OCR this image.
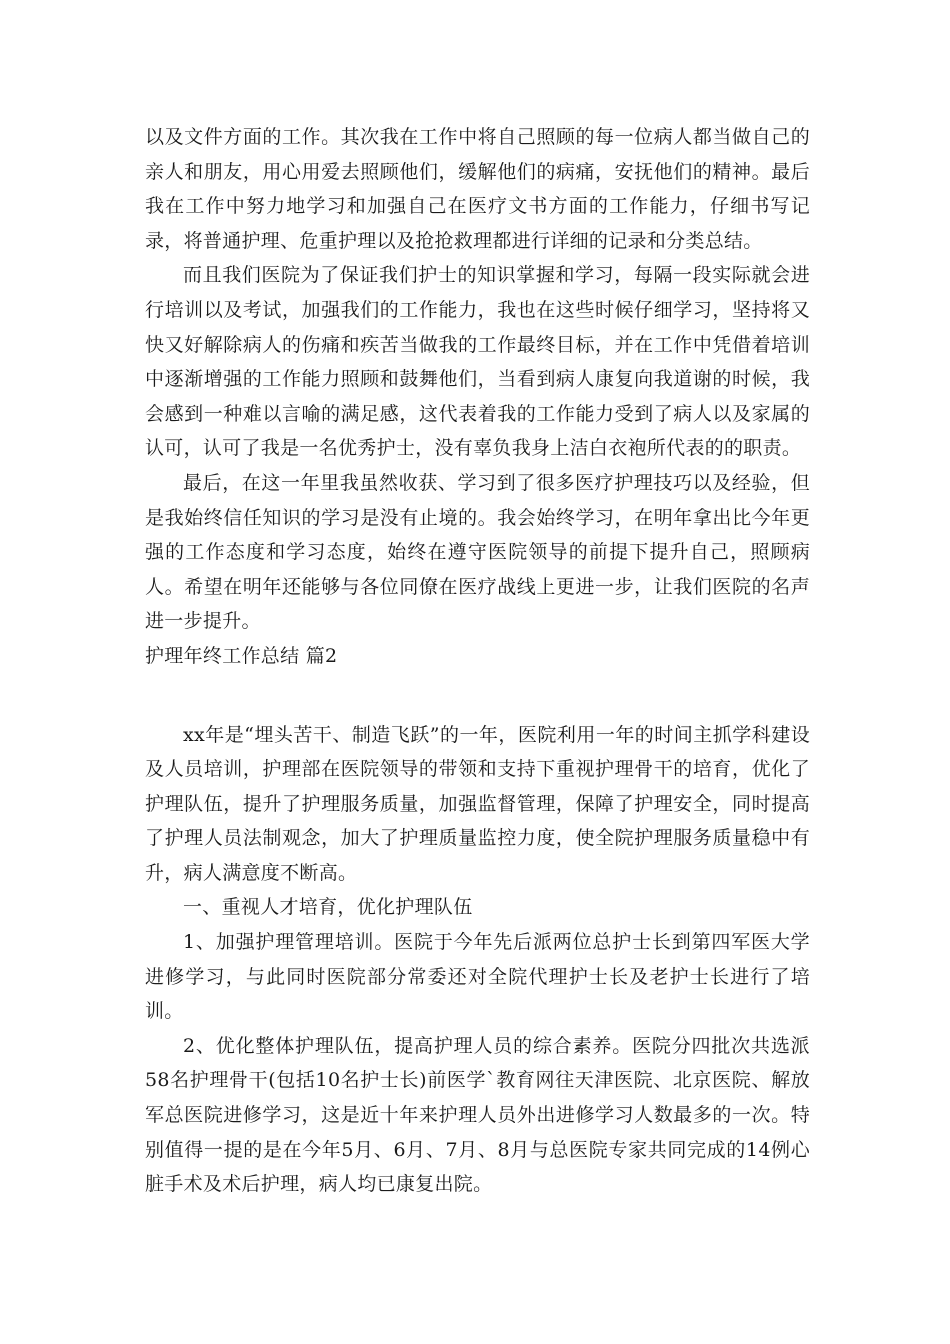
以及文件方面的工作。其次我在工作中将自己照顾的每一位病人都当做自己的亲人和朋友，用心用爱去照顾他们，缓解他们的病痛，安抚他们的精神。最后我在工作中努力地学习和加强自己在医疗文书方面的工作能力，仔细书写记录，将普通护理、危重护理以及抢抢救理都进行详细的记录和分类总结。

而且我们医院为了保证我们护士的知识掌握和学习，每隔一段实际就会进行培训以及考试，加强我们的工作能力，我也在这些时候仔细学习，坚持将又快又好解除病人的伤痛和疾苦当做我的工作最终目标，并在工作中凭借着培训中逐渐增强的工作能力照顾和鼓舞他们，当看到病人康复向我道谢的时候，我会感到一种难以言喻的满足感，这代表着我的工作能力受到了病人以及家属的认可，认可了我是一名优秀护士，没有辜负我身上洁白衣袍所代表的的职责。

最后，在这一年里我虽然收获、学习到了很多医疗护理技巧以及经验，但是我始终信任知识的学习是没有止境的。我会始终学习，在明年拿出比今年更强的工作态度和学习态度，始终在遵守医院领导的前提下提升自己，照顾病人。希望在明年还能够与各位同僚在医疗战线上更进一步，让我们医院的名声进一步提升。

护理年终工作总结 篇2

xx年是“埋头苦干、制造飞跃”的一年，医院利用一年的时间主抓学科建设及人员培训，护理部在医院领导的带领和支持下重视护理骨干的培育，优化了护理队伍，提升了护理服务质量，加强监督管理，保障了护理安全，同时提高了护理人员法制观念，加大了护理质量监控力度，使全院护理服务质量稳中有升，病人满意度不断高。

一、重视人才培育，优化护理队伍

1、加强护理管理培训。医院于今年先后派两位总护士长到第四军医大学进修学习，与此同时医院部分常委还对全院代理护士长及老护士长进行了培训。

2、优化整体护理队伍，提高护理人员的综合素养。医院分四批次共选派58名护理骨干(包括10名护士长)前医学`教育网往天津医院、北京医院、解放军总医院进修学习，这是近十年来护理人员外出进修学习人数最多的一次。特别值得一提的是在今年5月、6月、7月、8月与总医院专家共同完成的14例心脏手术及术后护理，病人均已康复出院。
